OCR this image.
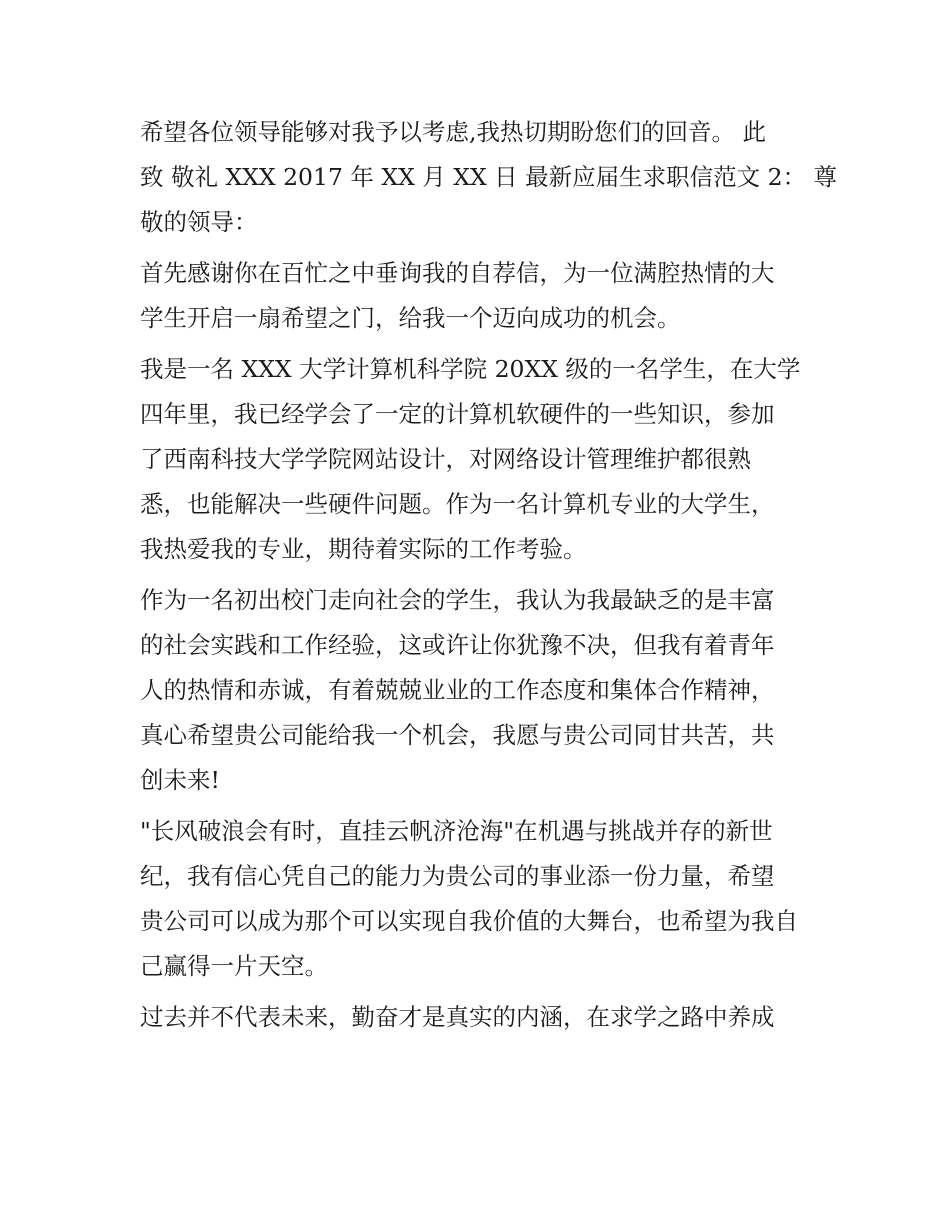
希望各位领导能够对我予以考虑,我热切期盼您们的回音。 此
致 敬礼 XXX 2017 年 XX 月 XX 日 最新应届生求职信范文 2： 尊
敬的领导：

首先感谢你在百忙之中垂询我的自荐信，为一位满腔热情的大
学生开启一扇希望之门，给我一个迈向成功的机会。

我是一名 XXX 大学计算机科学院 20XX 级的一名学生，在大学
四年里，我已经学会了一定的计算机软硬件的一些知识，参加
了西南科技大学学院网站设计，对网络设计管理维护都很熟
悉，也能解决一些硬件问题。作为一名计算机专业的大学生，
我热爱我的专业，期待着实际的工作考验。

作为一名初出校门走向社会的学生，我认为我最缺乏的是丰富
的社会实践和工作经验，这或许让你犹豫不决，但我有着青年
人的热情和赤诚，有着兢兢业业的工作态度和集体合作精神，
真心希望贵公司能给我一个机会，我愿与贵公司同甘共苦，共
创未来!

"长风破浪会有时，直挂云帆济沧海"在机遇与挑战并存的新世
纪，我有信心凭自己的能力为贵公司的事业添一份力量，希望
贵公司可以成为那个可以实现自我价值的大舞台，也希望为我自
己赢得一片天空。

过去并不代表未来，勤奋才是真实的内涵，在求学之路中养成
